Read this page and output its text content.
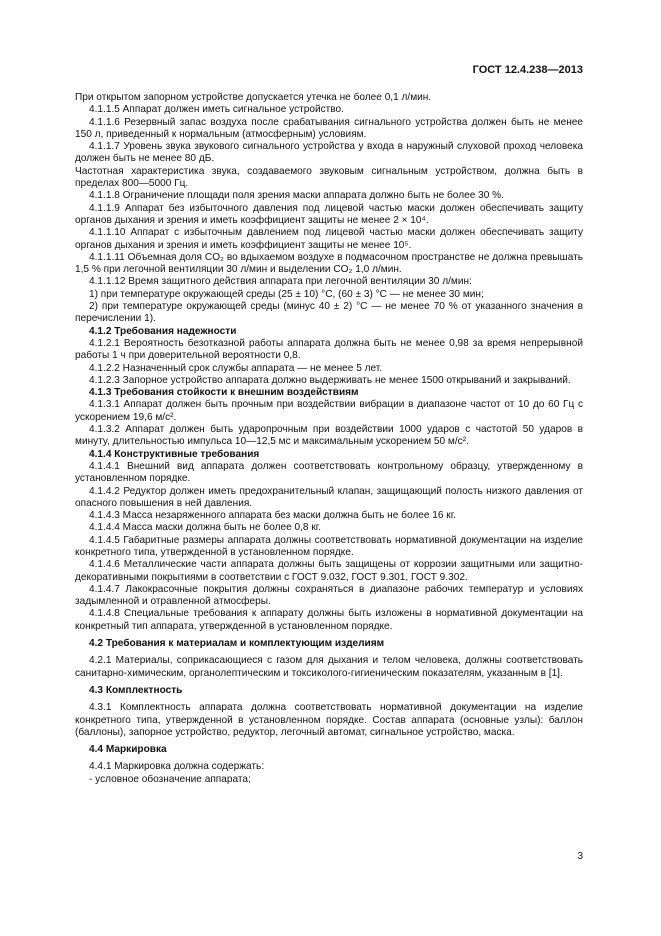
ГОСТ 12.4.238—2013

При открытом запорном устройстве допускается утечка не более 0,1 л/мин.

4.1.1.5 Аппарат должен иметь сигнальное устройство.

4.1.1.6 Резервный запас воздуха после срабатывания сигнального устройства должен быть не менее 150 л, приведенный к нормальным (атмосферным) условиям.

4.1.1.7 Уровень звука звукового сигнального устройства у входа в наружный слуховой проход человека должен быть не менее 80 дБ.

Частотная характеристика звука, создаваемого звуковым сигнальным устройством, должна быть в пределах 800—5000 Гц.

4.1.1.8 Ограничение площади поля зрения маски аппарата должно быть не более 30 %.

4.1.1.9 Аппарат без избыточного давления под лицевой частью маски должен обеспечивать защиту органов дыхания и зрения и иметь коэффициент защиты не менее 2 × 10⁴.

4.1.1.10 Аппарат с избыточным давлением под лицевой частью маски должен обеспечивать защиту органов дыхания и зрения и иметь коэффициент защиты не менее 10⁵.

4.1.1.11 Объемная доля CO₂ во вдыхаемом воздухе в подмасочном пространстве не должна превышать 1,5 % при легочной вентиляции 30 л/мин и выделении CO₂ 1,0 л/мин.

4.1.1.12 Время защитного действия аппарата при легочной вентиляции 30 л/мин:

1) при температуре окружающей среды (25 ± 10) °C, (60 ± 3) °C — не менее 30 мин;

2) при температуре окружающей среды (минус 40 ± 2) °C — не менее 70 % от указанного значения в перечислении 1).

4.1.2 Требования надежности

4.1.2.1 Вероятность безотказной работы аппарата должна быть не менее 0,98 за время непрерывной работы 1 ч при доверительной вероятности 0,8.

4.1.2.2 Назначенный срок службы аппарата — не менее 5 лет.

4.1.2.3 Запорное устройство аппарата должно выдерживать не менее 1500 открываний и закрываний.

4.1.3 Требования стойкости к внешним воздействиям

4.1.3.1 Аппарат должен быть прочным при воздействии вибрации в диапазоне частот от 10 до 60 Гц с ускорением 19,6 м/с².

4.1.3.2 Аппарат должен быть ударопрочным при воздействии 1000 ударов с частотой 50 ударов в минуту, длительностью импульса 10—12,5 мс и максимальным ускорением 50 м/с².

4.1.4 Конструктивные требования

4.1.4.1 Внешний вид аппарата должен соответствовать контрольному образцу, утвержденному в установленном порядке.

4.1.4.2 Редуктор должен иметь предохранительный клапан, защищающий полость низкого давления от опасного повышения в ней давления.

4.1.4.3 Масса незаряженного аппарата без маски должна быть не более 16 кг.

4.1.4.4 Масса маски должна быть не более 0,8 кг.

4.1.4.5 Габаритные размеры аппарата должны соответствовать нормативной документации на изделие конкретного типа, утвержденной в установленном порядке.

4.1.4.6 Металлические части аппарата должны быть защищены от коррозии защитными или защитно-декоративными покрытиями в соответствии с ГОСТ 9.032, ГОСТ 9.301, ГОСТ 9.302.

4.1.4.7 Лакокрасочные покрытия должны сохраняться в диапазоне рабочих температур и условиях задымленной и отравленной атмосферы.

4.1.4.8 Специальные требования к аппарату должны быть изложены в нормативной документации на конкретный тип аппарата, утвержденной в установленном порядке.

4.2 Требования к материалам и комплектующим изделиям

4.2.1 Материалы, соприкасающиеся с газом для дыхания и телом человека, должны соответствовать санитарно-химическим, органолептическим и токсиколого-гигиеническим показателям, указанным в [1].

4.3 Комплектность

4.3.1 Комплектность аппарата должна соответствовать нормативной документации на изделие конкретного типа, утвержденной в установленном порядке. Состав аппарата (основные узлы): баллон (баллоны), запорное устройство, редуктор, легочный автомат, сигнальное устройство, маска.

4.4 Маркировка

4.4.1 Маркировка должна содержать:

- условное обозначение аппарата;

3
